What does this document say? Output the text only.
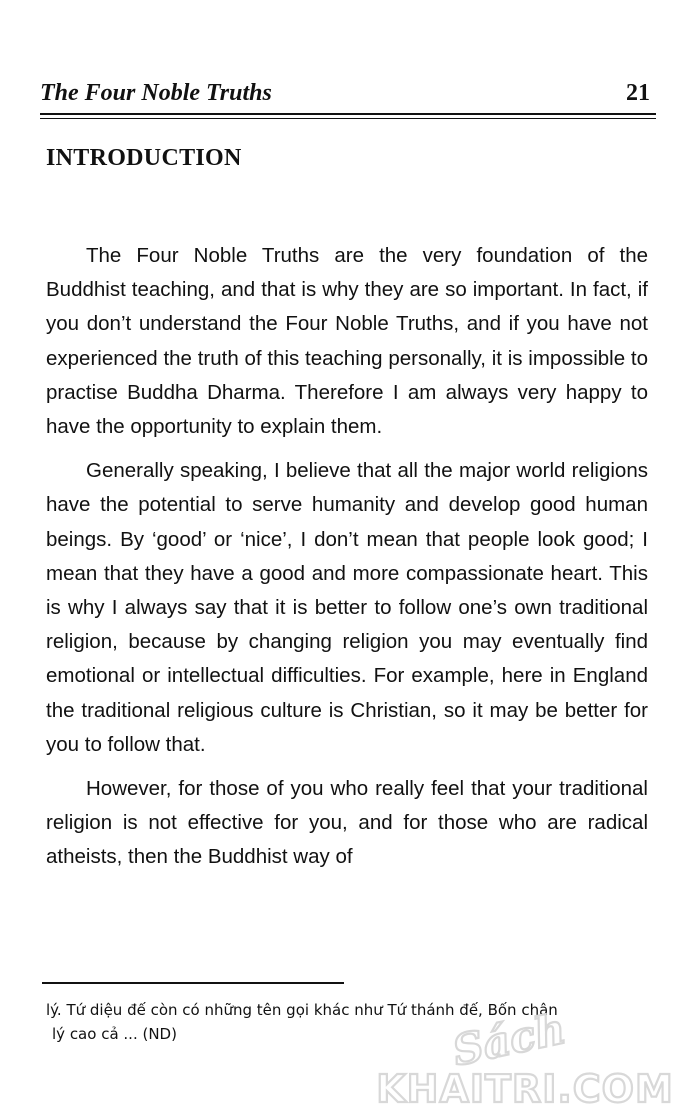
The Four Noble Truths	21
INTRODUCTION

The Four Noble Truths are the very foundation of the Buddhist teaching, and that is why they are so important. In fact, if you don’t understand the Four Noble Truths, and if you have not experienced the truth of this teaching personally, it is impossible to practise Buddha Dharma. Therefore I am always very happy to have the opportunity to explain them.

Generally speaking, I believe that all the major world religions have the potential to serve humanity and develop good human beings. By ‘good’ or ‘nice’, I don’t mean that people look good; I mean that they have a good and more compassionate heart. This is why I always say that it is better to follow one’s own traditional religion, because by changing religion you may eventually find emotional or intellectual difficulties. For example, here in England the traditional religious culture is Christian, so it may be better for you to follow that.

However, for those of you who really feel that your traditional religion is not effective for you, and for those who are radical atheists, then the Buddhist way of

lý. Tứ diệu đế còn có những tên gọi khác như Tứ thánh đế, Bốn chân
lý cao cả ... (ND)	Sách
KHAITRI.COM
